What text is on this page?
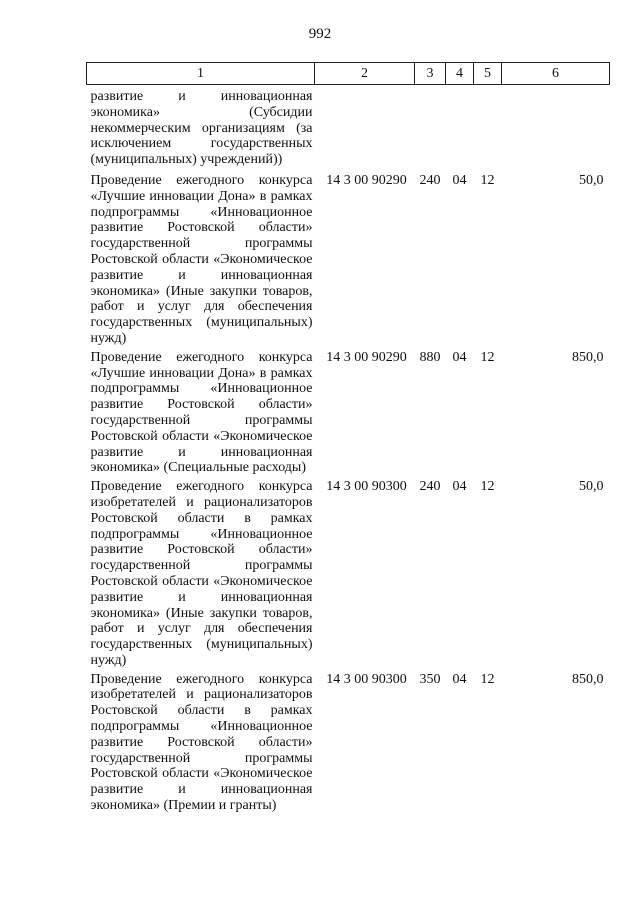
992
1	2	3	4	5	6
развитие и инновационная экономика» (Субсидии некоммерческим организациям (за исключением государственных (муниципальных) учреждений))					
Проведение ежегодного конкурса «Лучшие инновации Дона» в рамках подпрограммы «Инновационное развитие Ростовской области» государственной программы Ростовской области «Экономическое развитие и инновационная экономика» (Иные закупки товаров, работ и услуг для обеспечения государственных (муниципальных) нужд)	14 3 00 90290	240	04	12	50,0
Проведение ежегодного конкурса «Лучшие инновации Дона» в рамках подпрограммы «Инновационное развитие Ростовской области» государственной программы Ростовской области «Экономическое развитие и инновационная экономика» (Специальные расходы)	14 3 00 90290	880	04	12	850,0
Проведение ежегодного конкурса изобретателей и рационализаторов Ростовской области в рамках подпрограммы «Инновационное развитие Ростовской области» государственной программы Ростовской области «Экономическое развитие и инновационная экономика» (Иные закупки товаров, работ и услуг для обеспечения государственных (муниципальных) нужд)	14 3 00 90300	240	04	12	50,0
Проведение ежегодного конкурса изобретателей и рационализаторов Ростовской области в рамках подпрограммы «Инновационное развитие Ростовской области» государственной программы Ростовской области «Экономическое развитие и инновационная экономика» (Премии и гранты)	14 3 00 90300	350	04	12	850,0
